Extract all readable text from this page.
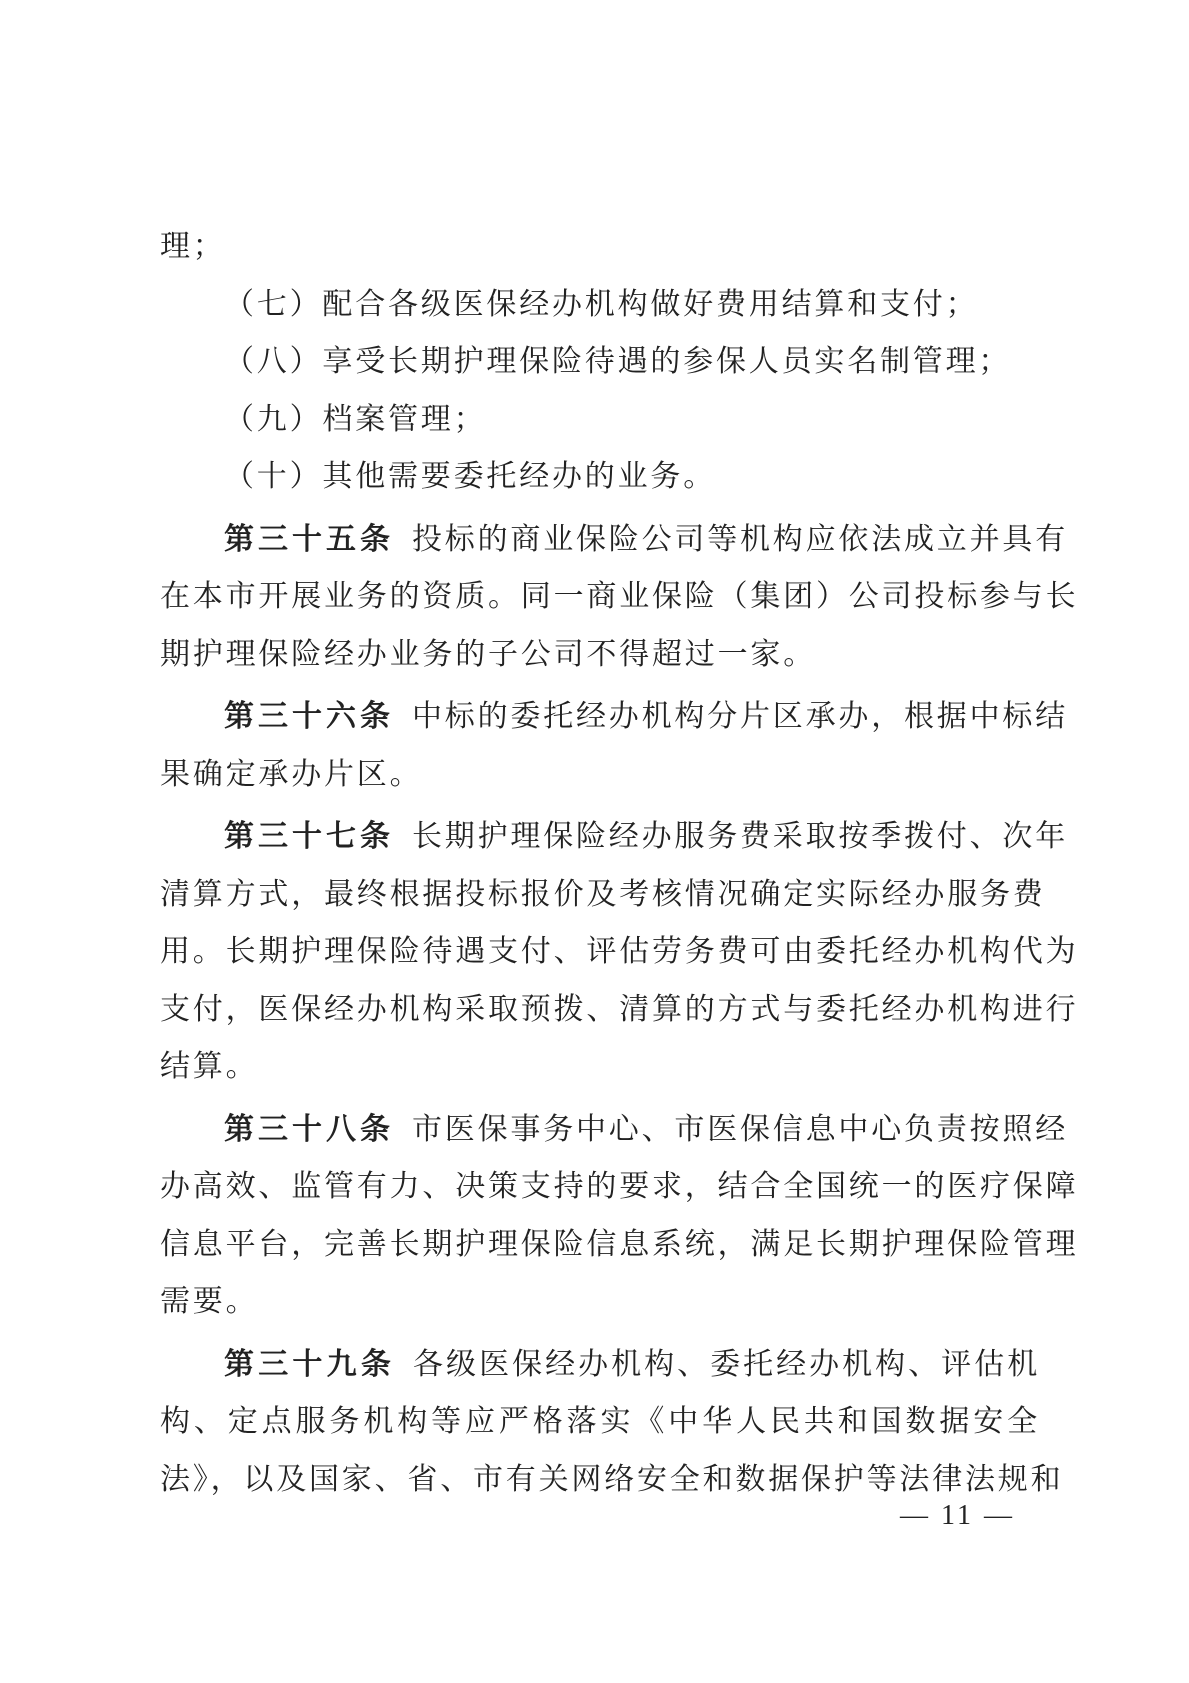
理；
（七）配合各级医保经办机构做好费用结算和支付；
（八）享受长期护理保险待遇的参保人员实名制管理；
（九）档案管理；
（十）其他需要委托经办的业务。
第三十五条 投标的商业保险公司等机构应依法成立并具有
在本市开展业务的资质。同一商业保险（集团）公司投标参与长
期护理保险经办业务的子公司不得超过一家。
第三十六条 中标的委托经办机构分片区承办，根据中标结
果确定承办片区。
第三十七条 长期护理保险经办服务费采取按季拨付、次年
清算方式，最终根据投标报价及考核情况确定实际经办服务费
用。长期护理保险待遇支付、评估劳务费可由委托经办机构代为
支付，医保经办机构采取预拨、清算的方式与委托经办机构进行
结算。
第三十八条 市医保事务中心、市医保信息中心负责按照经
办高效、监管有力、决策支持的要求，结合全国统一的医疗保障
信息平台，完善长期护理保险信息系统，满足长期护理保险管理
需要。
第三十九条 各级医保经办机构、委托经办机构、评估机
构、定点服务机构等应严格落实《中华人民共和国数据安全
法》，以及国家、省、市有关网络安全和数据保护等法律法规和
— 11 —
